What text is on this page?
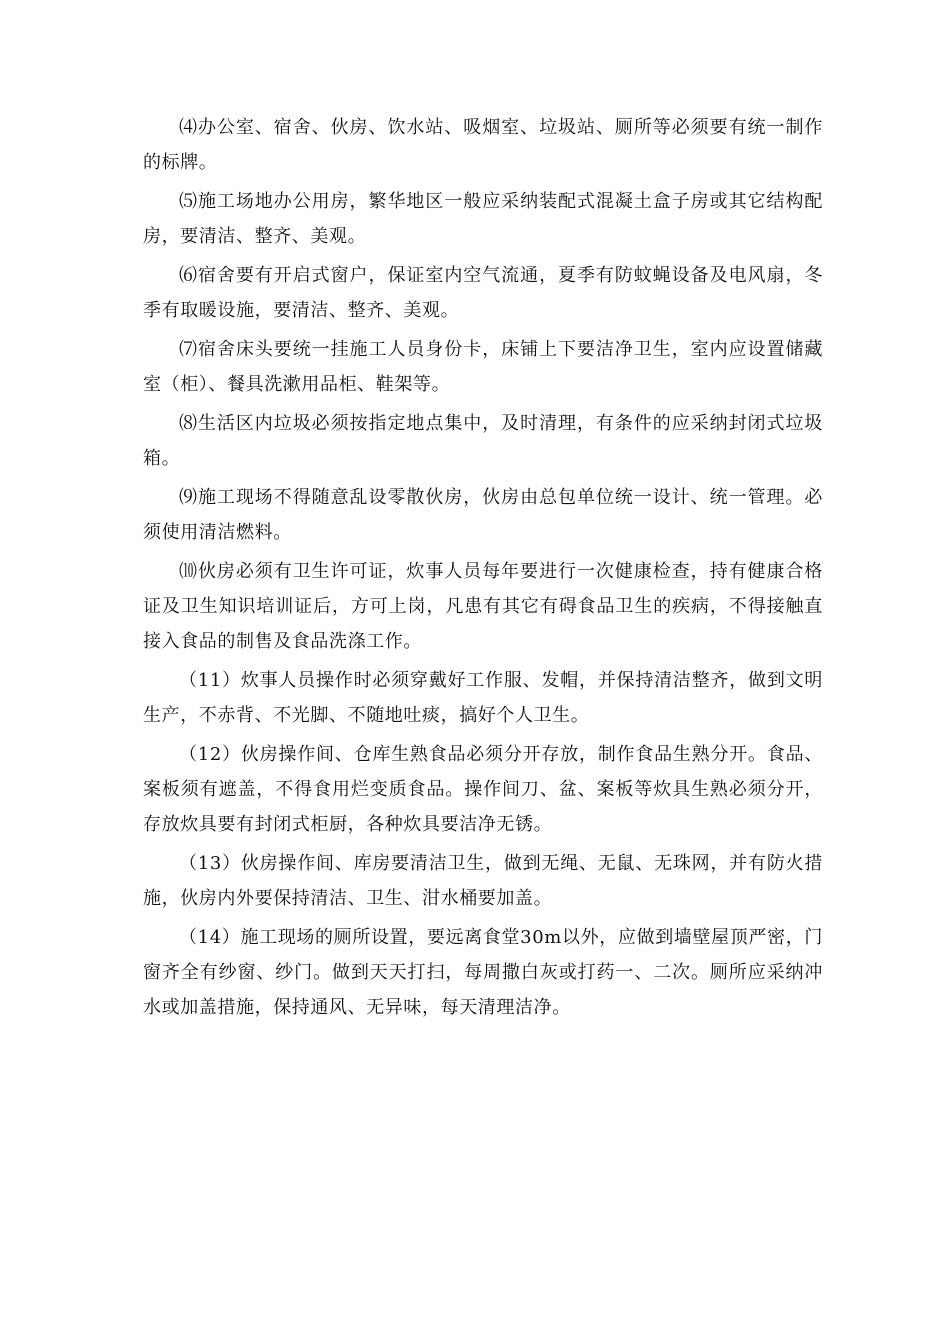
⑷办公室、宿舍、伙房、饮水站、吸烟室、垃圾站、厕所等必须要有统一制作的标牌。

⑸施工场地办公用房，繁华地区一般应采纳装配式混凝土盒子房或其它结构配房，要清洁、整齐、美观。

⑹宿舍要有开启式窗户，保证室内空气流通，夏季有防蚊蝇设备及电风扇，冬季有取暖设施，要清洁、整齐、美观。

⑺宿舍床头要统一挂施工人员身份卡，床铺上下要洁净卫生，室内应设置储藏室（柜）、餐具洗漱用品柜、鞋架等。

⑻生活区内垃圾必须按指定地点集中，及时清理，有条件的应采纳封闭式垃圾箱。

⑼施工现场不得随意乱设零散伙房，伙房由总包单位统一设计、统一管理。必须使用清洁燃料。

⑽伙房必须有卫生许可证，炊事人员每年要进行一次健康检查，持有健康合格证及卫生知识培训证后，方可上岗，凡患有其它有碍食品卫生的疾病，不得接触直接入食品的制售及食品洗涤工作。

（11）炊事人员操作时必须穿戴好工作服、发帽，并保持清洁整齐，做到文明生产，不赤背、不光脚、不随地吐痰，搞好个人卫生。

（12）伙房操作间、仓库生熟食品必须分开存放，制作食品生熟分开。食品、案板须有遮盖，不得食用烂变质食品。操作间刀、盆、案板等炊具生熟必须分开，存放炊具要有封闭式柜厨，各种炊具要洁净无锈。

（13）伙房操作间、库房要清洁卫生，做到无绳、无鼠、无珠网，并有防火措施，伙房内外要保持清洁、卫生、泔水桶要加盖。

（14）施工现场的厕所设置，要远离食堂30m以外，应做到墙壁屋顶严密，门窗齐全有纱窗、纱门。做到天天打扫，每周撒白灰或打药一、二次。厕所应采纳冲水或加盖措施，保持通风、无异味，每天清理洁净。
